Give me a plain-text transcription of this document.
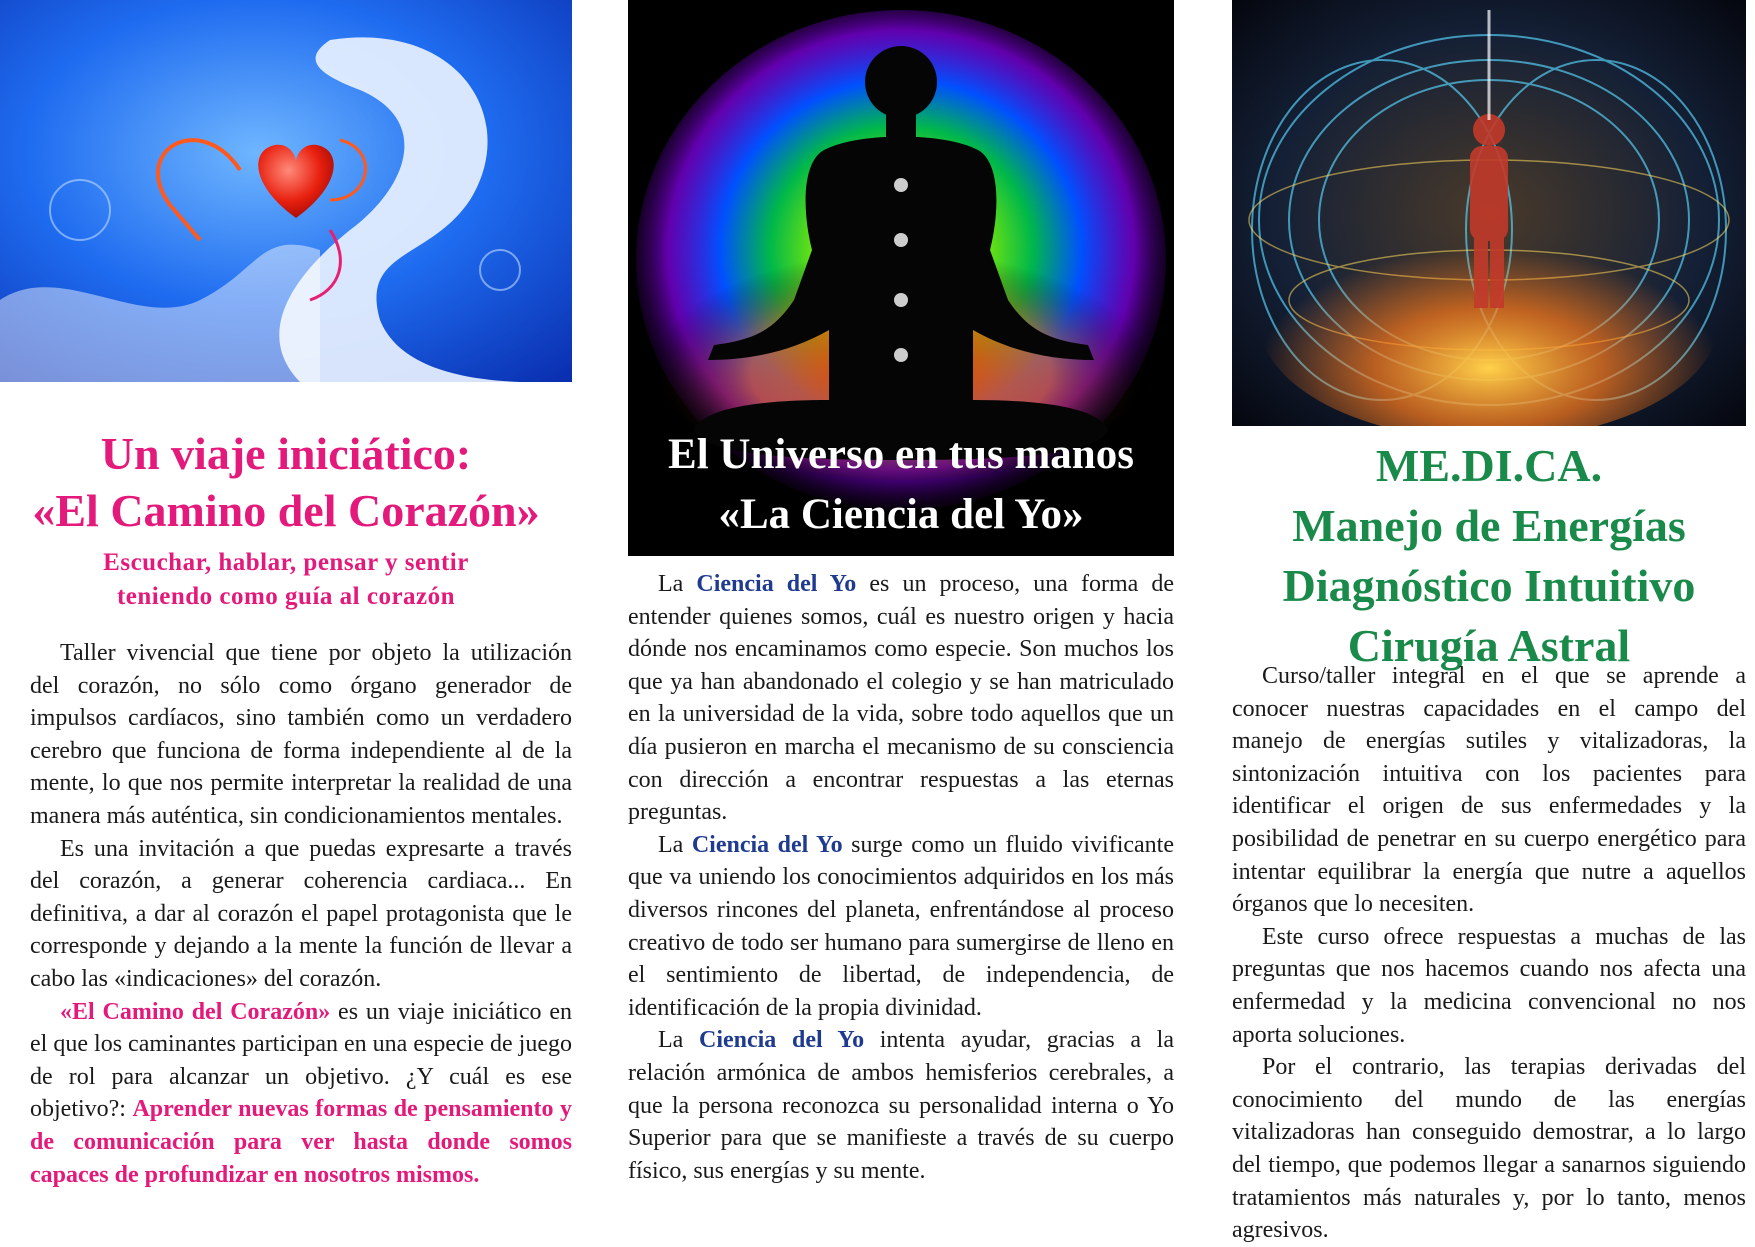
Un viaje iniciático:
«El Camino del Corazón»
Escuchar, hablar, pensar y sentir
teniendo como guía al corazón

Taller vivencial que tiene por objeto la utilización del corazón, no sólo como órgano generador de impulsos cardíacos, sino también como un verdadero cerebro que funciona de forma independiente al de la mente, lo que nos permite interpretar la realidad de una manera más auténtica, sin condicionamientos mentales.

Es una invitación a que puedas expresarte a través del corazón, a generar coherencia cardiaca... En definitiva, a dar al corazón el papel protagonista que le corresponde y dejando a la mente la función de llevar a cabo las «indicaciones» del corazón.

«El Camino del Corazón» es un viaje iniciático en el que los caminantes participan en una especie de juego de rol para alcanzar un objetivo. ¿Y cuál es ese objetivo?: Aprender nuevas formas de pensamiento y de comunicación para ver hasta donde somos capaces de profundizar en nosotros mismos.

El Universo en tus manos
«La Ciencia del Yo»

La Ciencia del Yo es un proceso, una forma de entender quienes somos, cuál es nuestro origen y hacia dónde nos encaminamos como especie. Son muchos los que ya han abandonado el colegio y se han matriculado en la universidad de la vida, sobre todo aquellos que un día pusieron en marcha el mecanismo de su consciencia con dirección a encontrar respuestas a las eternas preguntas.

La Ciencia del Yo surge como un fluido vivificante que va uniendo los conocimientos adquiridos en los más diversos rincones del planeta, enfrentándose al proceso creativo de todo ser humano para sumergirse de lleno en el sentimiento de libertad, de independencia, de identificación de la propia divinidad.

La Ciencia del Yo intenta ayudar, gracias a la relación armónica de ambos hemisferios cerebrales, a que la persona reconozca su personalidad interna o Yo Superior para que se manifieste a través de su cuerpo físico, sus energías y su mente.

ME.DI.CA.
Manejo de Energías
Diagnóstico Intuitivo
Cirugía Astral

Curso/taller integral en el que se aprende a conocer nuestras capacidades en el campo del manejo de energías sutiles y vitalizadoras, la sintonización intuitiva con los pacientes para identificar el origen de sus enfermedades y la posibilidad de penetrar en su cuerpo energético para intentar equilibrar la energía que nutre a aquellos órganos que lo necesiten.

Este curso ofrece respuestas a muchas de las preguntas que nos hacemos cuando nos afecta una enfermedad y la medicina convencional no nos aporta soluciones.

Por el contrario, las terapias derivadas del conocimiento del mundo de las energías vitalizadoras han conseguido demostrar, a lo largo del tiempo, que podemos llegar a sanarnos siguiendo tratamientos más naturales y, por lo tanto, menos agresivos.
